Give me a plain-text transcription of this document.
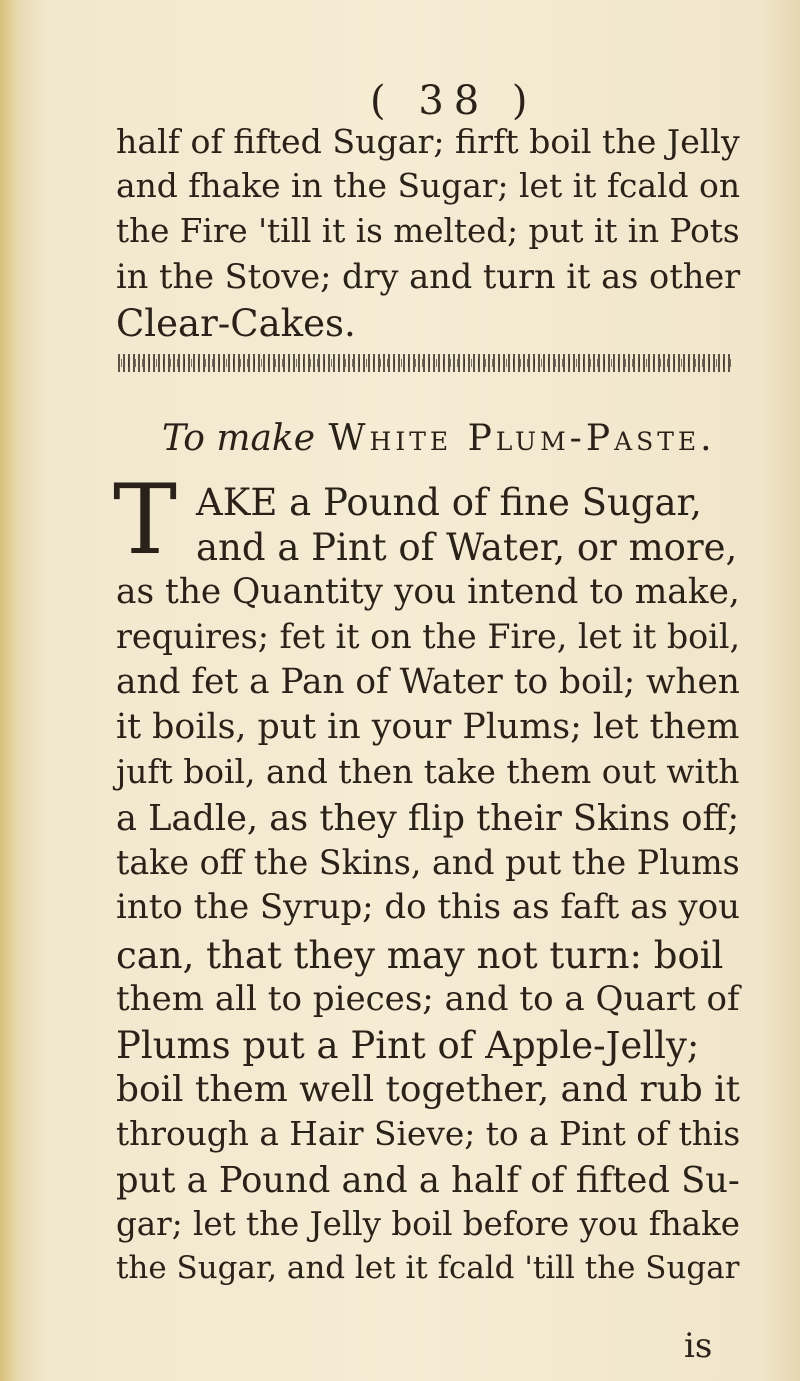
( 38 )
half of fifted Sugar; firft boil the Jelly
and fhake in the Sugar; let it fcald on
the Fire 'till it is melted; put it in Pots
in the Stove; dry and turn it as other
Clear-Cakes.
To make White Plum-Paste.
T AKE a Pound of fine Sugar,
and a Pint of Water, or more,
as the Quantity you intend to make,
requires; fet it on the Fire, let it boil,
and fet a Pan of Water to boil; when
it boils, put in your Plums; let them
juft boil, and then take them out with
a Ladle, as they flip their Skins off;
take off the Skins, and put the Plums
into the Syrup; do this as faft as you
can, that they may not turn: boil
them all to pieces; and to a Quart of
Plums put a Pint of Apple-Jelly;
boil them well together, and rub it
through a Hair Sieve; to a Pint of this
put a Pound and a half of fifted Su-
gar; let the Jelly boil before you fhake
the Sugar, and let it fcald 'till the Sugar
is
